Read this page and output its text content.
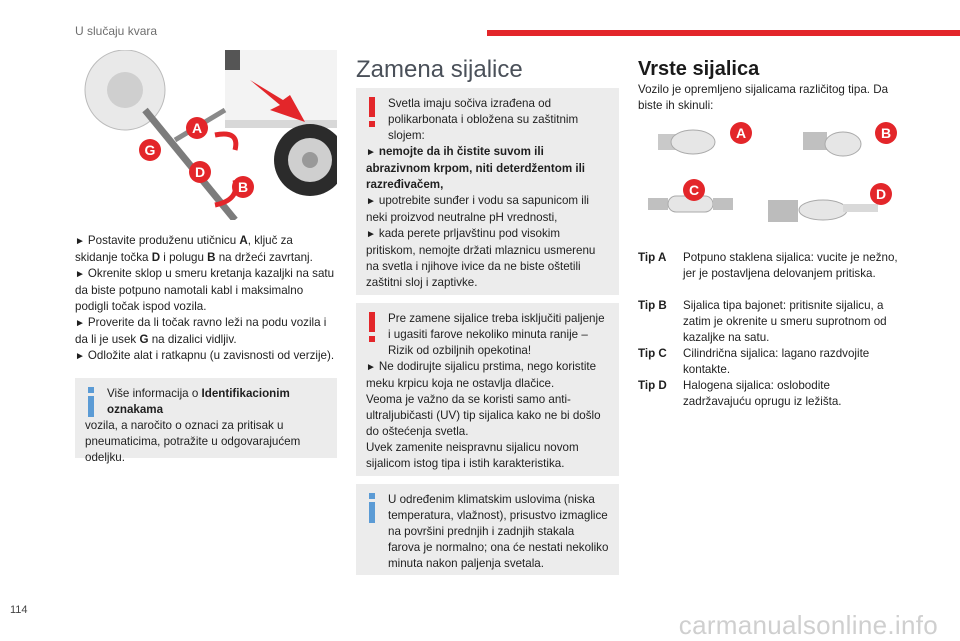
U slučaju kvara
A
G
D
B

► Postavite produženu utičnicu A, ključ za skidanje točka D i polugu B na držeći zavrtanj.

► Okrenite sklop u smeru kretanja kazaljki na satu da biste potpuno namotali kabl i maksimalno podigli točak ispod vozila.

► Proverite da li točak ravno leži na podu vozila i da li je usek G na dizalici vidljiv.

► Odložite alat i ratkapnu (u zavisnosti od verzije).

Više informacija o Identifikacionim oznakama
vozila, a naročito o oznaci za pritisak u pneumaticima, potražite u odgovarajućem odeljku.

Zamena sijalice

Svetla imaju sočiva izrađena od polikarbonata i obložena su zaštitnim slojem:

► nemojte da ih čistite suvom ili abrazivnom krpom, niti deterdžentom ili razređivačem,

► upotrebite sunđer i vodu sa sapunicom ili neki proizvod neutralne pH vrednosti,

► kada perete prljavštinu pod visokim pritiskom, nemojte držati mlaznicu usmerenu na svetla i njihove ivice da ne biste oštetili zaštitni sloj i zaptivke.

Pre zamene sijalice treba isključiti paljenje i ugasiti farove nekoliko minuta ranije – Rizik od ozbiljnih opekotina!

► Ne dodirujte sijalicu prstima, nego koristite meku krpicu koja ne ostavlja dlačice.

Veoma je važno da se koristi samo anti-ultraljubičasti (UV) tip sijalica kako ne bi došlo do oštećenja svetla.

Uvek zamenite neispravnu sijalicu novom sijalicom istog tipa i istih karakteristika.

U određenim klimatskim uslovima (niska temperatura, vlažnost), prisustvo izmaglice na površini prednjih i zadnjih stakala farova je normalno; ona će nestati nekoliko minuta nakon paljenja svetala.

Vrste sijalica
Vozilo je opremljeno sijalicama različitog tipa. Da biste ih skinuli:
A	B
C	D
Tip A Potpuno staklena sijalica: vucite je nežno, jer je postavljena delovanjem pritiska.
Tip B Sijalica tipa bajonet: pritisnite sijalicu, a zatim je okrenite u smeru suprotnom od kazaljke na satu.
Tip C Cilindrična sijalica: lagano razdvojite kontakte.
Tip D Halogena sijalica: oslobodite zadržavajuću oprugu iz ležišta.
114	carmanualsonline.info
